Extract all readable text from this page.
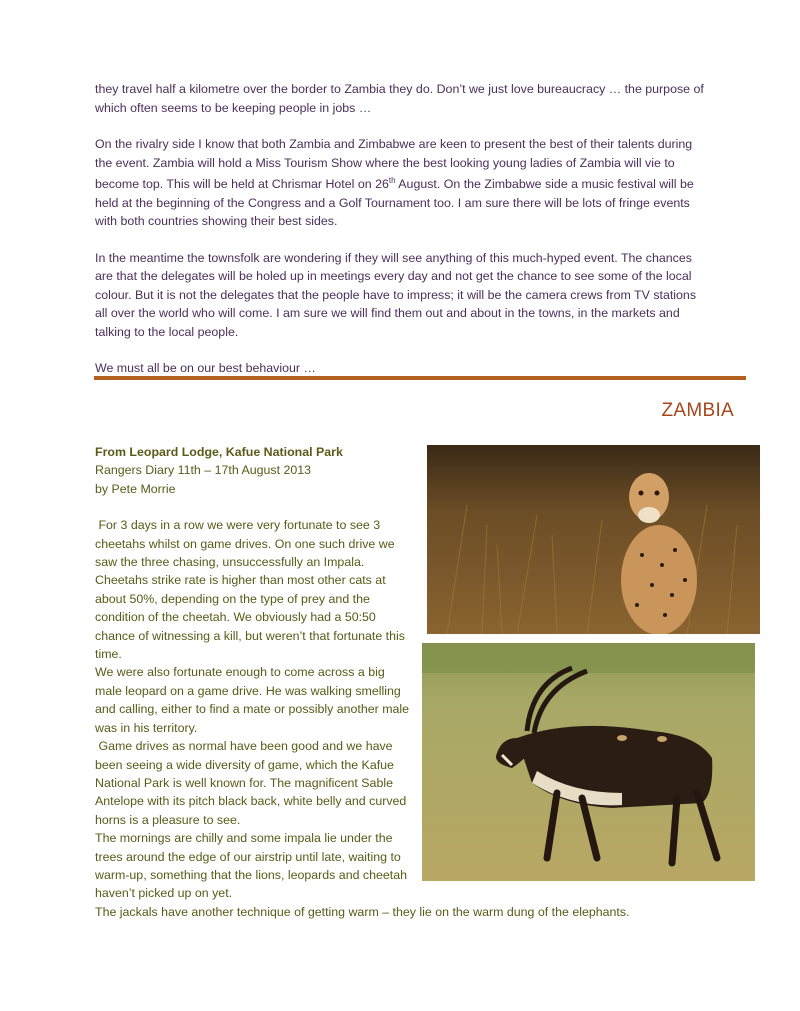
they travel half a kilometre over the border to Zambia they do. Don’t we just love bureaucracy … the purpose of which often seems to be keeping people in jobs …

On the rivalry side I know that both Zambia and Zimbabwe are keen to present the best of their talents during the event. Zambia will hold a Miss Tourism Show where the best looking young ladies of Zambia will vie to become top. This will be held at Chrismar Hotel on 26th August. On the Zimbabwe side a music festival will be held at the beginning of the Congress and a Golf Tournament too. I am sure there will be lots of fringe events with both countries showing their best sides.

In the meantime the townsfolk are wondering if they will see anything of this much-hyped event. The chances are that the delegates will be holed up in meetings every day and not get the chance to see some of the local colour. But it is not the delegates that the people have to impress; it will be the camera crews from TV stations all over the world who will come. I am sure we will find them out and about in the towns, in the markets and talking to the local people.

We must all be on our best behaviour …

ZAMBIA
From Leopard Lodge, Kafue National Park
Rangers Diary 11th – 17th August 2013
by Pete Morrie
For 3 days in a row we were very fortunate to see 3 cheetahs whilst on game drives. On one such drive we saw the three chasing, unsuccessfully an Impala. Cheetahs strike rate is higher than most other cats at about 50%, depending on the type of prey and the condition of the cheetah. We obviously had a 50:50 chance of witnessing a kill, but weren’t that fortunate this time.
We were also fortunate enough to come across a big male leopard on a game drive. He was walking smelling and calling, either to find a mate or possibly another male was in his territory.
Game drives as normal have been good and we have been seeing a wide diversity of game, which the Kafue National Park is well known for. The magnificent Sable Antelope with its pitch black back, white belly and curved horns is a pleasure to see.
The mornings are chilly and some impala lie under the trees around the edge of our airstrip until late, waiting to warm-up, something that the lions, leopards and cheetah haven’t picked up on yet.
The jackals have another technique of getting warm – they lie on the warm dung of the elephants.
